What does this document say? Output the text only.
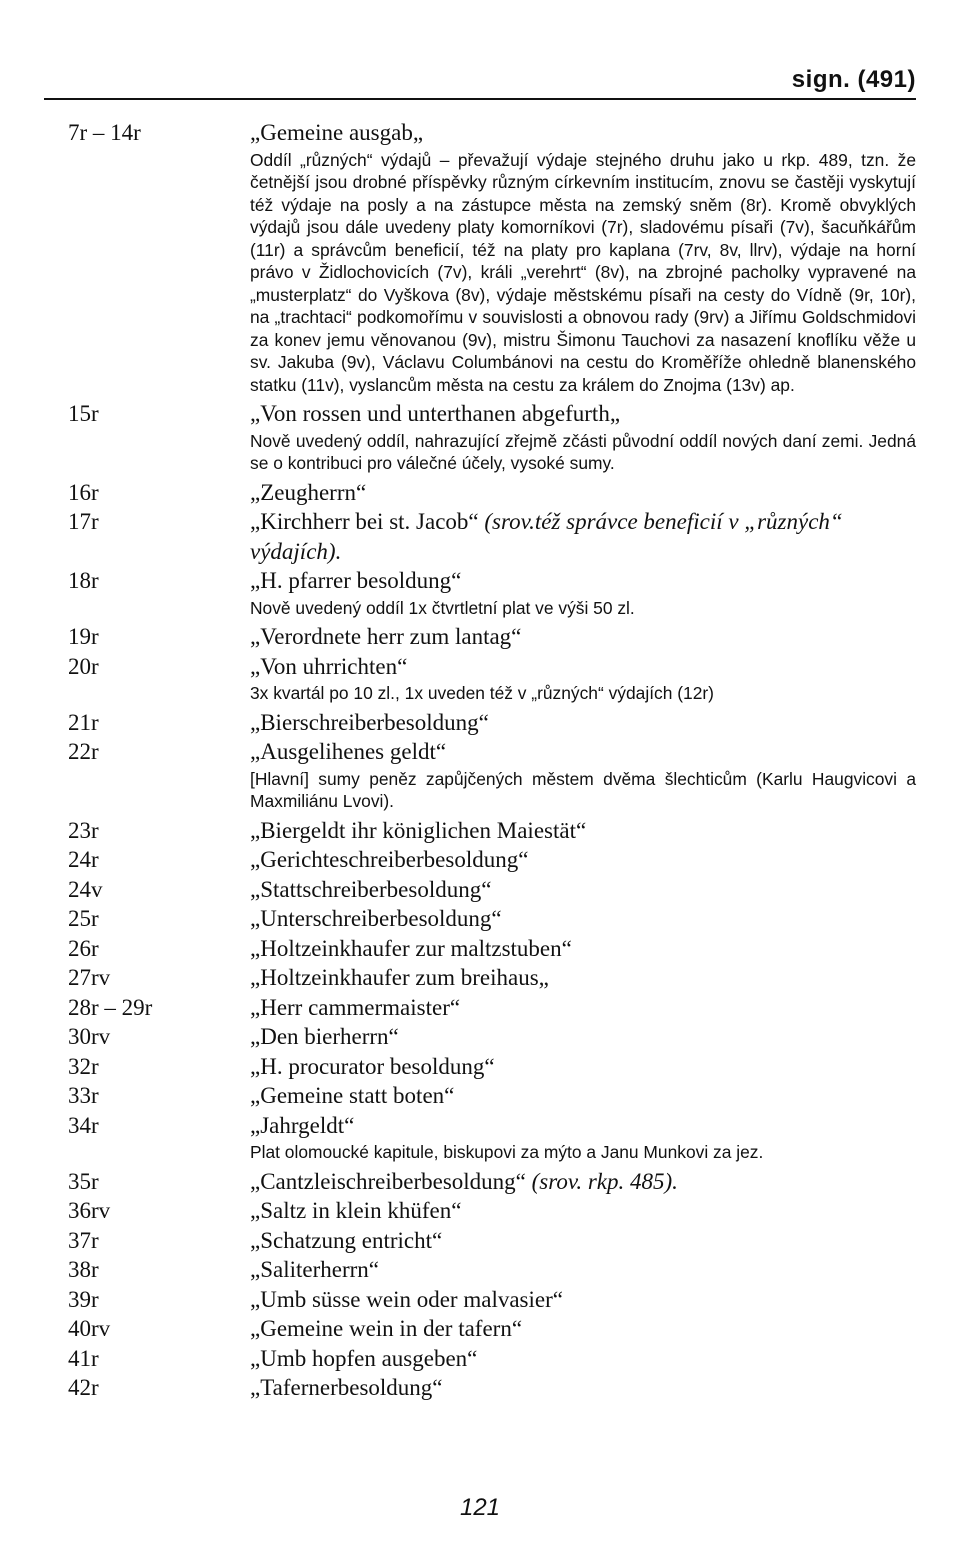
sign. (491)
7r – 14r	„Gemeine ausgab„
Oddíl „různých“ výdajů – převažují výdaje stejného druhu jako u rkp. 489, tzn. že četnější jsou drobné příspěvky různým církevním institucím, znovu se častěji vyskytují též výdaje na posly a na zástupce města na zemský sněm (8r). Kromě obvyklých výdajů jsou dále uvedeny platy komorníkovi (7r), sladovému písaři (7v), šacuňkářům (11r) a správcům beneficií, též na platy pro kaplana (7rv, 8v, llrv), výdaje na horní právo v Židlochovicích (7v), králi „verehrt“ (8v), na zbrojné pacholky vypravené na „musterplatz“ do Vyškova (8v), výdaje městskému písaři na cesty do Vídně (9r, 10r), na „trachtaci“ podkomořímu v souvislosti a obnovou rady (9rv) a Jiřímu Goldschmidovi za konev jemu věnovanou (9v), mistru Šimonu Tauchovi za nasazení knoflíku věže u sv. Jakuba (9v), Václavu Columbánovi na cestu do Kroměříže ohledně blanenského statku (11v), vyslancům města na cestu za králem do Znojma (13v) ap.
15r	„Von rossen und unterthanen abgefurth„
Nově uvedený oddíl, nahrazující zřejmě zčásti původní oddíl nových daní zemi. Jedná se o kontribuci pro válečné účely, vysoké sumy.
16r	„Zeugherrn“
17r	„Kirchherr bei st. Jacob“ (srov.též správce beneficií v „různých“ výdajích).
18r	„H. pfarrer besoldung“
Nově uvedený oddíl 1x čtvrtletní plat ve výši 50 zl.
19r	„Verordnete herr zum lantag“
20r	„Von uhrrichten“
3x kvartál po 10 zl., 1x uveden též v „různých“ výdajích (12r)
21r	„Bierschreiberbesoldung“
22r	„Ausgelihenes geldt“
[Hlavní] sumy peněz zapůjčených městem dvěma šlechticům (Karlu Haugvicovi a Maxmiliánu Lvovi).
23r	„Biergeldt ihr königlichen Maiestät“
24r	„Gerichteschreiberbesoldung“
24v	„Stattschreiberbesoldung“
25r	„Unterschreiberbesoldung“
26r	„Holtzeinkhaufer zur maltzstuben“
27rv	„Holtzeinkhaufer zum breihaus„
28r – 29r	„Herr cammermaister“
30rv	„Den bierherrn“
32r	„H. procurator besoldung“
33r	„Gemeine statt boten“
34r	„Jahrgeldt“
Plat olomoucké kapitule, biskupovi za mýto a Janu Munkovi za jez.
35r	„Cantzleischreiberbesoldung“ (srov. rkp. 485).
36rv	„Saltz in klein khüfen“
37r	„Schatzung entricht“
38r	„Saliterherrn“
39r	„Umb süsse wein oder malvasier“
40rv	„Gemeine wein in der tafern“
41r	„Umb hopfen ausgeben“
42r	„Tafernerbesoldung“
121
